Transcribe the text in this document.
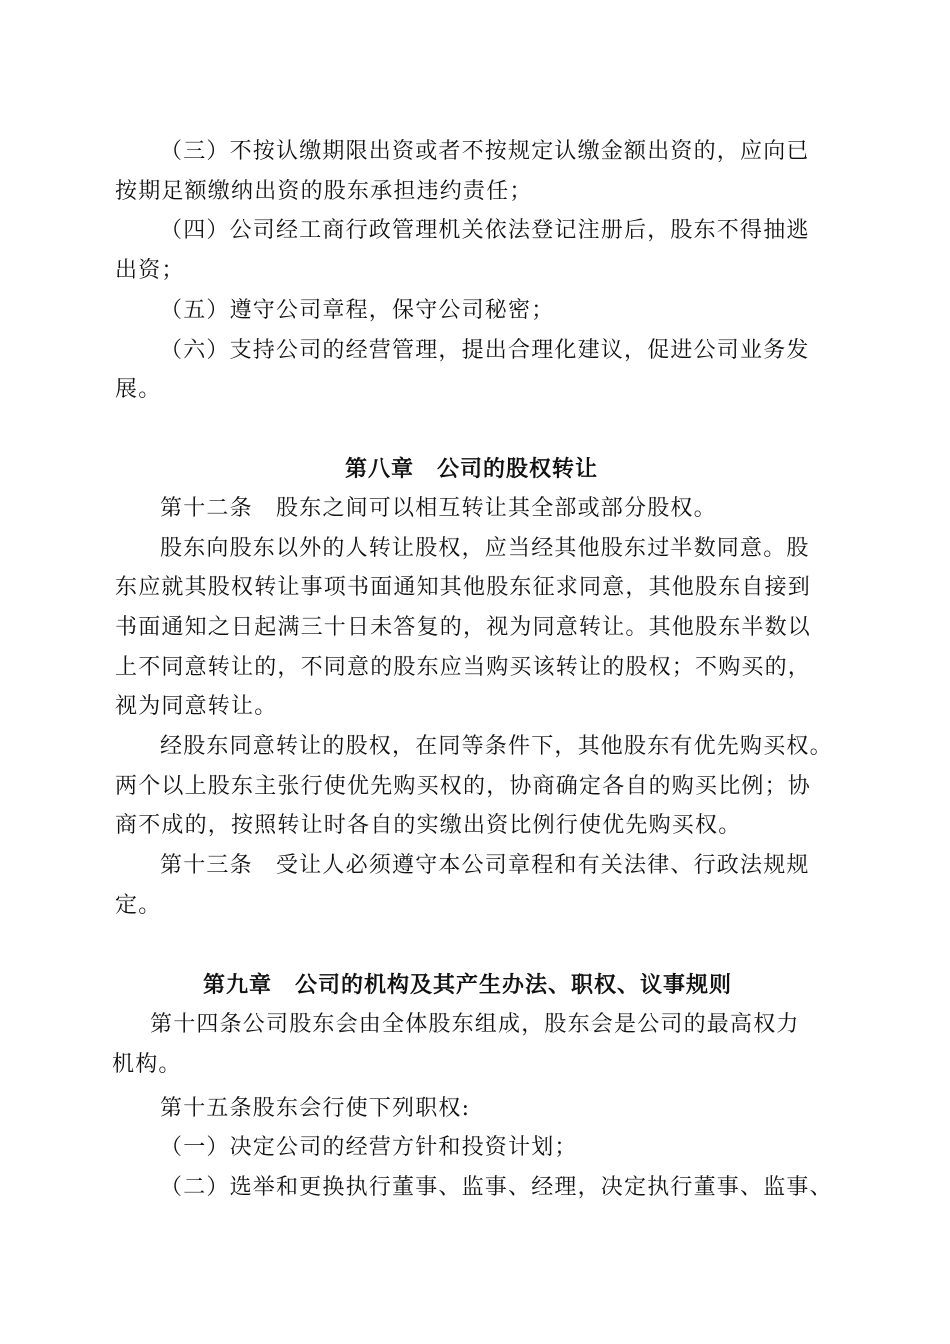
（三）不按认缴期限出资或者不按规定认缴金额出资的，应向已
按期足额缴纳出资的股东承担违约责任；
（四）公司经工商行政管理机关依法登记注册后，股东不得抽逃
出资；
（五）遵守公司章程，保守公司秘密；
（六）支持公司的经营管理，提出合理化建议，促进公司业务发
展。
第八章　公司的股权转让
第十二条　股东之间可以相互转让其全部或部分股权。
股东向股东以外的人转让股权，应当经其他股东过半数同意。股
东应就其股权转让事项书面通知其他股东征求同意，其他股东自接到
书面通知之日起满三十日未答复的，视为同意转让。其他股东半数以
上不同意转让的，不同意的股东应当购买该转让的股权；不购买的，
视为同意转让。
经股东同意转让的股权，在同等条件下，其他股东有优先购买权。
两个以上股东主张行使优先购买权的，协商确定各自的购买比例；协
商不成的，按照转让时各自的实缴出资比例行使优先购买权。
第十三条　受让人必须遵守本公司章程和有关法律、行政法规规
定。
第九章　公司的机构及其产生办法、职权、议事规则
第十四条公司股东会由全体股东组成，股东会是公司的最高权力
机构。
第十五条股东会行使下列职权:
（一）决定公司的经营方针和投资计划；
（二）选举和更换执行董事、监事、经理，决定执行董事、监事、
